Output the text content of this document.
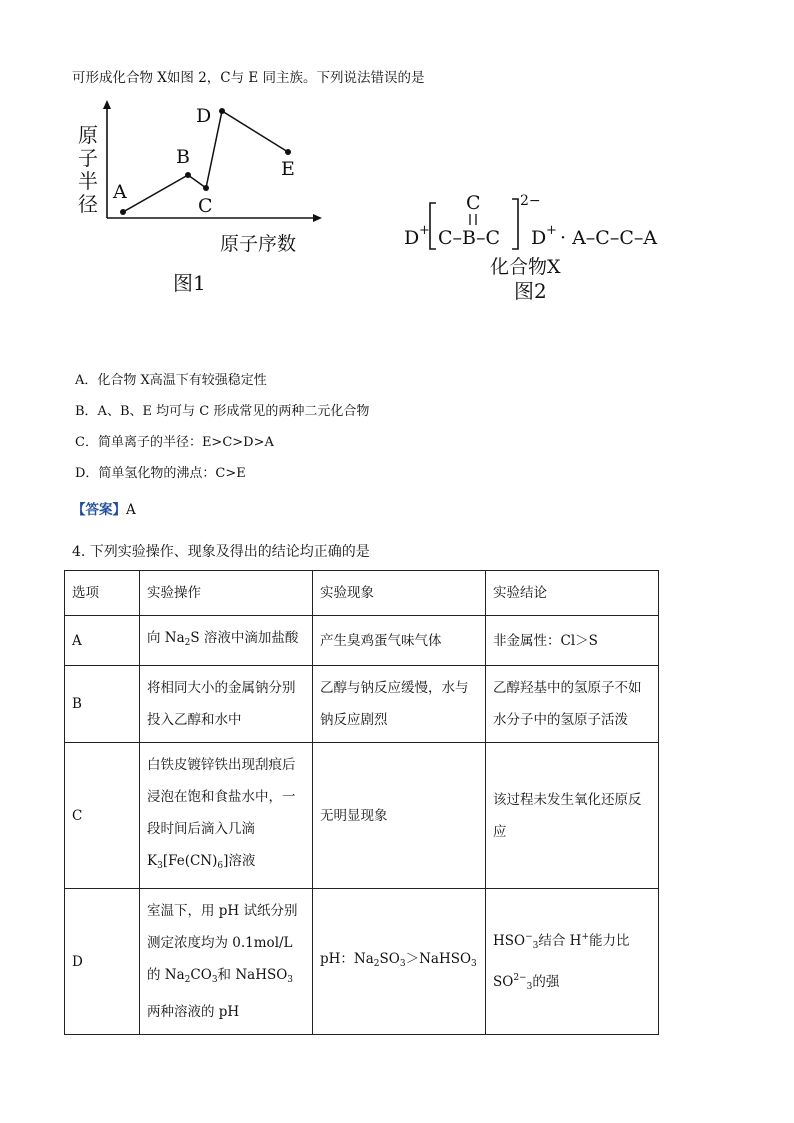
可形成化合物 X如图 2，C与 E 同主族。下列说法错误的是
原
子
半
径 A
B
C
D
E
原子序数
图1
D +
C
C–B–C
2−
D + · A–C–C–A
化合物X
图2
A．化合物 X高温下有较强稳定性
B．A、B、E 均可与 C 形成常见的两种二元化合物
C．简单离子的半径：E>C>D>A
D．简单氢化物的沸点：C>E
【答案】A
4. 下列实验操作、现象及得出的结论均正确的是
选项	实验操作	实验现象	实验结论
A	向 $Na_2S$ 溶液中滴加盐酸	产生臭鸡蛋气味气体	非金属性：Cl＞S
B	将相同大小的金属钠分别投入乙醇和水中	乙醇与钠反应缓慢，水与钠反应剧烈	乙醇羟基中的氢原子不如水分子中的氢原子活泼
C	白铁皮镀锌铁出现刮痕后浸泡在饱和食盐水中，一段时间后滴入几滴$K_3[Fe(CN)_6]$溶液	无明显现象	该过程未发生氧化还原反应
D	室温下，用 pH 试纸分别测定浓度均为 0.1mol/L 的 $Na_2CO_3$和 NaHSO$_3$两种溶液的 pH	pH：$Na_2SO_3>NaHSO_3$	$HSO^-_3$结合 H+能力比 $SO^{2-}_3$的强
